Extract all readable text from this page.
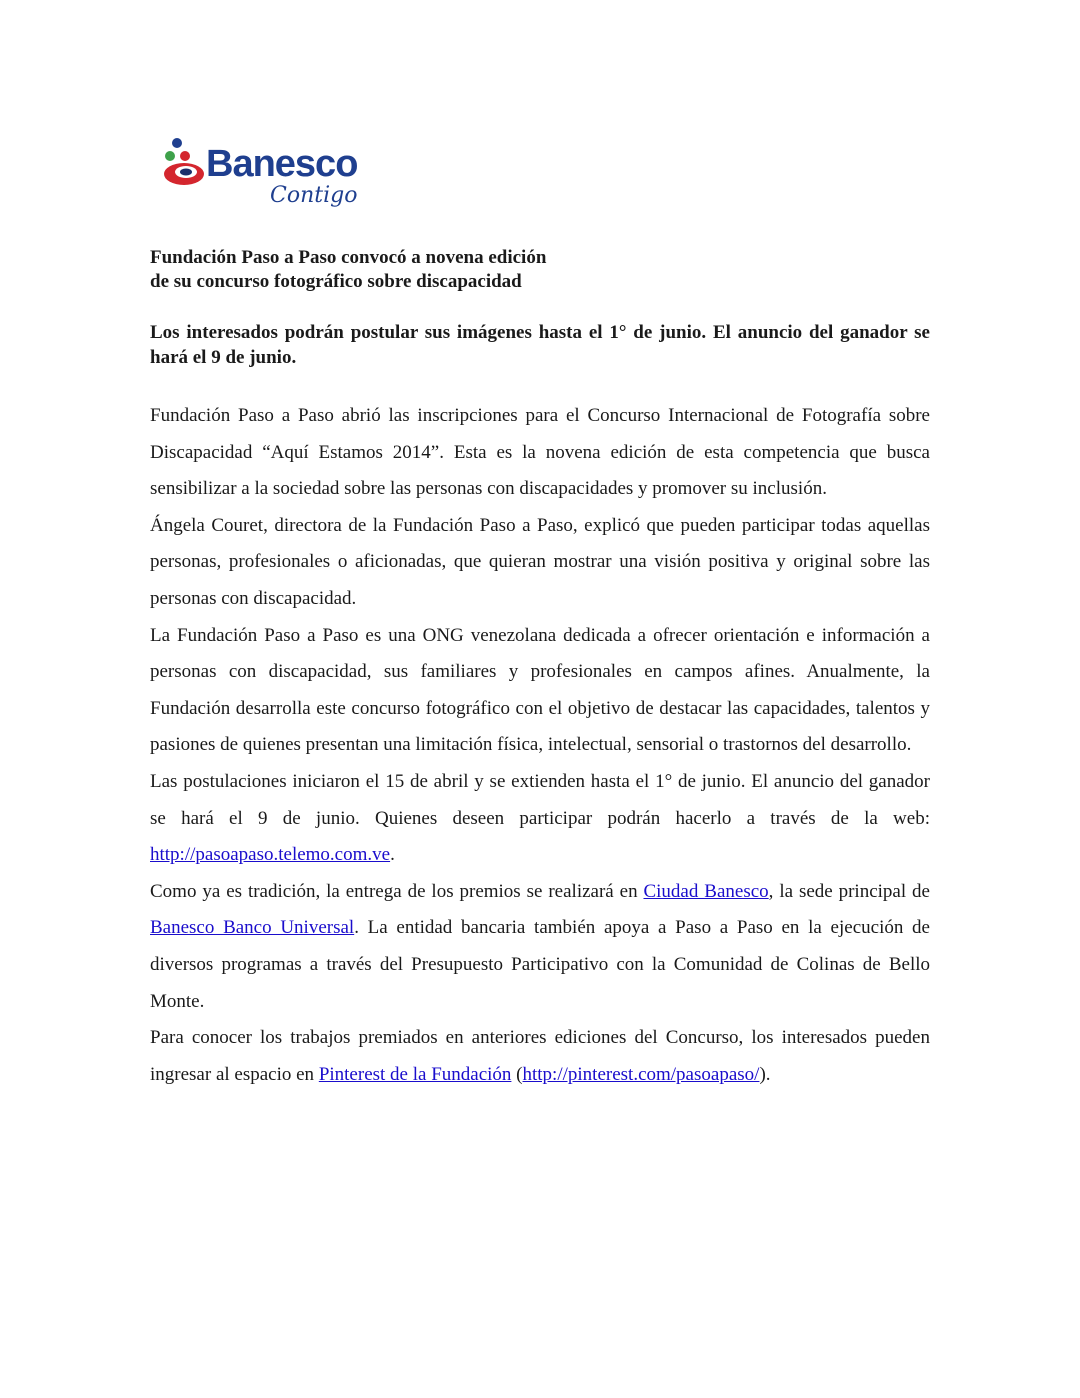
Banesco
Contigo
Fundación Paso a Paso convocó a novena edición
de su concurso fotográfico sobre discapacidad

Los interesados podrán postular sus imágenes hasta el 1° de junio. El anuncio del ganador se hará el 9 de junio.

Fundación Paso a Paso abrió las inscripciones para el Concurso Internacional de Fotografía sobre Discapacidad “Aquí Estamos 2014”. Esta es la novena edición de esta competencia que busca sensibilizar a la sociedad sobre las personas con discapacidades y promover su inclusión.

Ángela Couret, directora de la Fundación Paso a Paso, explicó que pueden participar todas aquellas personas, profesionales o aficionadas, que quieran mostrar una visión positiva y original sobre las personas con discapacidad.

La Fundación Paso a Paso es una ONG venezolana dedicada a ofrecer orientación e información a personas con discapacidad, sus familiares y profesionales en campos afines. Anualmente, la Fundación desarrolla este concurso fotográfico con el objetivo de destacar las capacidades, talentos y pasiones de quienes presentan una limitación física, intelectual, sensorial o trastornos del desarrollo.

Las postulaciones iniciaron el 15 de abril y se extienden hasta el 1° de junio. El anuncio del ganador se hará el 9 de junio. Quienes deseen participar podrán hacerlo a través de la web: http://pasoapaso.telemo.com.ve.

Como ya es tradición, la entrega de los premios se realizará en Ciudad Banesco, la sede principal de Banesco Banco Universal. La entidad bancaria también apoya a Paso a Paso en la ejecución de diversos programas a través del Presupuesto Participativo con la Comunidad de Colinas de Bello Monte.

Para conocer los trabajos premiados en anteriores ediciones del Concurso, los interesados pueden ingresar al espacio en Pinterest de la Fundación (http://pinterest.com/pasoapaso/).
